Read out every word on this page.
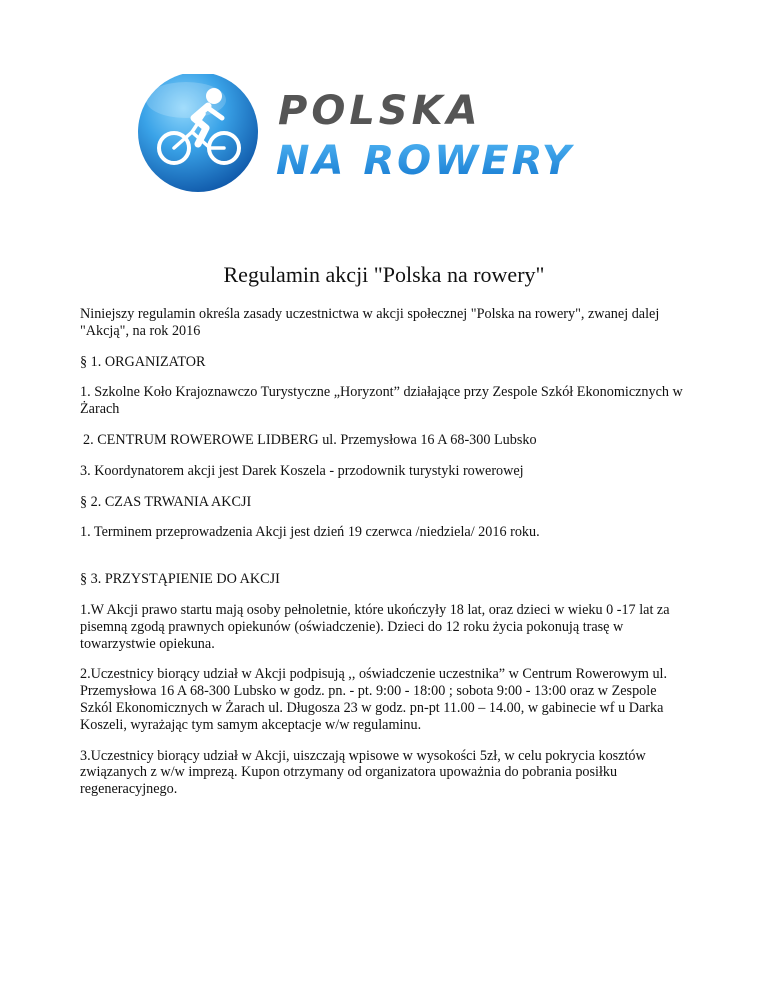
POLSKA
NA ROWERY
Regulamin akcji "Polska na rowery"

Niniejszy regulamin określa zasady uczestnictwa w akcji społecznej "Polska na rowery", zwanej dalej "Akcją", na rok 2016

§ 1. ORGANIZATOR

1. Szkolne Koło Krajoznawczo Turystyczne „Horyzont” działające przy Zespole Szkół Ekonomicznych w Żarach

2. CENTRUM ROWEROWE LIDBERG ul. Przemysłowa 16 A 68-300 Lubsko

3. Koordynatorem akcji jest Darek Koszela - przodownik turystyki rowerowej

§ 2. CZAS TRWANIA AKCJI

1. Terminem przeprowadzenia Akcji jest dzień 19 czerwca /niedziela/ 2016 roku.

§ 3. PRZYSTĄPIENIE DO AKCJI

1.W Akcji prawo startu mają osoby pełnoletnie, które ukończyły 18 lat, oraz dzieci w wieku 0 -17 lat za pisemną zgodą prawnych opiekunów (oświadczenie). Dzieci do 12 roku życia pokonują trasę w towarzystwie opiekuna.

2.Uczestnicy biorący udział w Akcji podpisują ,, oświadczenie uczestnika” w Centrum Rowerowym ul. Przemysłowa 16 A 68-300 Lubsko w godz. pn. - pt. 9:00 - 18:00 ; sobota 9:00 - 13:00 oraz w Zespole Szkól Ekonomicznych w Żarach ul. Długosza 23 w godz. pn-pt 11.00 – 14.00, w gabinecie wf u Darka Koszeli, wyrażając tym samym akceptacje w/w regulaminu.

3.Uczestnicy biorący udział w Akcji, uiszczają wpisowe w wysokości 5zł, w celu pokrycia kosztów związanych z w/w imprezą. Kupon otrzymany od organizatora upoważnia do pobrania posiłku regeneracyjnego.
